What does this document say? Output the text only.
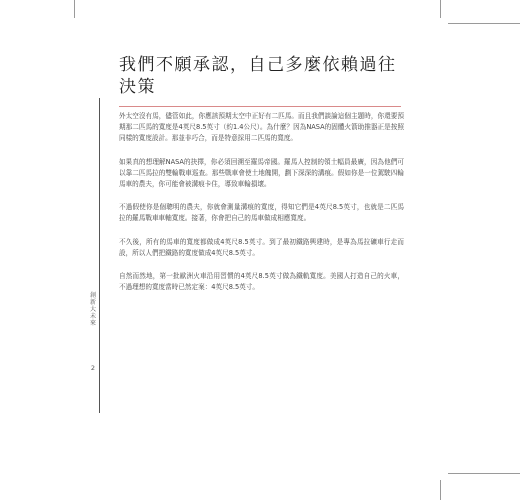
創新大未來
2
我們不願承認，自己多麼依賴過往決策

外太空沒有馬，儘管如此，你應該預期太空中正好有二匹馬。而且我們談論這個主題時，你還要預期那二匹馬的寬度是4英尺8.5英寸（約1.4公尺）。為什麼？因為NASA的固體火箭助推器正是按照同樣的寬度設計。那並非巧合，而是特意採用二匹馬的寬度。

如果真的想理解NASA的抉擇，你必須回溯至羅馬帝國。羅馬人控制的領土幅員最廣，因為他們可以靠二匹馬拉的雙輪戰車巡查。那些戰車會使土地餽開，劃下深深的溝痕。假如你是一位駕駛四輪馬車的農夫，你可能會被溝痕卡住，導致車輪損壞。

不過假使你是個聰明的農夫，你就會測量溝痕的寬度，得知它們是4英尺8.5英寸，也就是二匹馬拉的羅馬戰車車軸寬度。接著，你會把自己的馬車做成相應寬度。

不久後，所有的馬車的寬度都做成4英尺8.5英寸。到了最初鐵路興建時，是專為馬拉礦車行走而設，所以人們把鐵路的寬度做成4英尺8.5英寸。

自然而然地，第一批歐洲火車沿用習慣的4英尺8.5英寸做為鐵軌寬度。美國人打造自己的火車，不過理想的寬度當時已然定案：4英尺8.5英寸。
